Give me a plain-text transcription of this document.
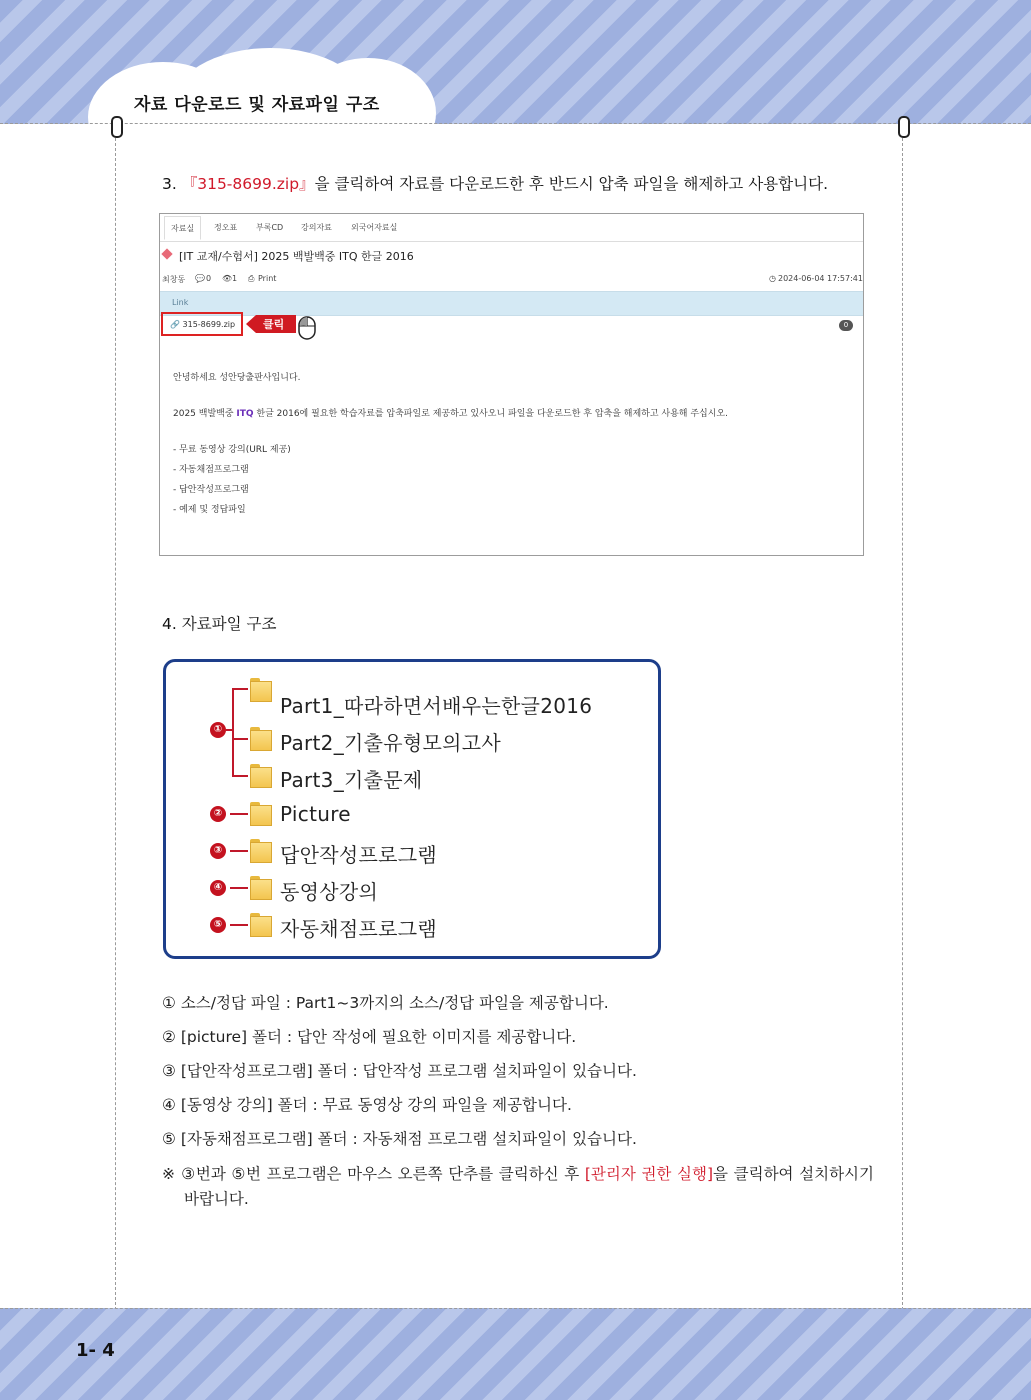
자료 다운로드 및 자료파일 구조
3. 『315-8699.zip』을 클릭하여 자료를 다운로드한 후 반드시 압축 파일을 해제하고 사용합니다.
자료실	정오표 부록CD 강의자료 외국어자료실
[IT 교재/수험서] 2025 백발백중 ITQ 한글 2016
최창동 💬 0 👁 1 ⎙ Print	◷ 2024-06-04 17:57:41
Link
🔗 315-8699.zip	클릭	0
안녕하세요 성안당출판사입니다.
2025 백발백중 ITQ 한글 2016에 필요한 학습자료를 압축파일로 제공하고 있사오니 파일을 다운로드한 후 압축을 해제하고 사용해 주십시오.
- 무료 동영상 강의(URL 제공)
- 자동채점프로그램
- 답안작성프로그램
- 예제 및 정답파일
4. 자료파일 구조
①
②
③
④
⑤
Part1_따라하면서배우는한글2016
Part2_기출유형모의고사
Part3_기출문제
Picture
답안작성프로그램
동영상강의
자동채점프로그램
① 소스/정답 파일 : Part1~3까지의 소스/정답 파일을 제공합니다.
② [picture] 폴더 : 답안 작성에 필요한 이미지를 제공합니다.
③ [답안작성프로그램] 폴더 : 답안작성 프로그램 설치파일이 있습니다.
④ [동영상 강의] 폴더 : 무료 동영상 강의 파일을 제공합니다.
⑤ [자동채점프로그램] 폴더 : 자동채점 프로그램 설치파일이 있습니다.
※ ③번과 ⑤번 프로그램은 마우스 오른쪽 단추를 클릭하신 후 [관리자 권한 실행]을 클릭하여 설치하시기
바랍니다.
1- 4
